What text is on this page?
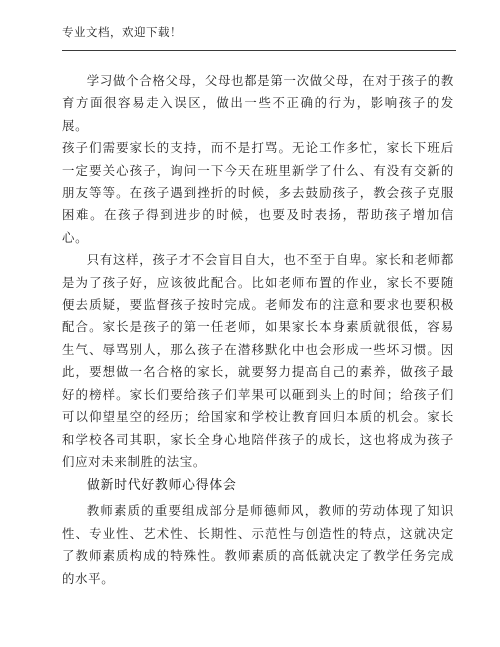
专业文档，欢迎下载！

学习做个合格父母，父母也都是第一次做父母，在对于孩子的教育方面很容易走入误区，做出一些不正确的行为，影响孩子的发展。

孩子们需要家长的支持，而不是打骂。无论工作多忙，家长下班后一定要关心孩子，询问一下今天在班里新学了什么、有没有交新的朋友等等。在孩子遇到挫折的时候，多去鼓励孩子，教会孩子克服困难。在孩子得到进步的时候，也要及时表扬，帮助孩子增加信心。

只有这样，孩子才不会盲目自大，也不至于自卑。家长和老师都是为了孩子好，应该彼此配合。比如老师布置的作业，家长不要随便去质疑，要监督孩子按时完成。老师发布的注意和要求也要积极配合。家长是孩子的第一任老师，如果家长本身素质就很低，容易生气、辱骂别人，那么孩子在潜移默化中也会形成一些坏习惯。因此，要想做一名合格的家长，就要努力提高自己的素养，做孩子最好的榜样。家长们要给孩子们苹果可以砸到头上的时间；给孩子们可以仰望星空的经历；给国家和学校让教育回归本质的机会。家长和学校各司其职，家长全身心地陪伴孩子的成长，这也将成为孩子们应对未来制胜的法宝。

做新时代好教师心得体会

教师素质的重要组成部分是师德师风，教师的劳动体现了知识性、专业性、艺术性、长期性、示范性与创造性的特点，这就决定了教师素质构成的特殊性。教师素质的高低就决定了教学任务完成的水平。
